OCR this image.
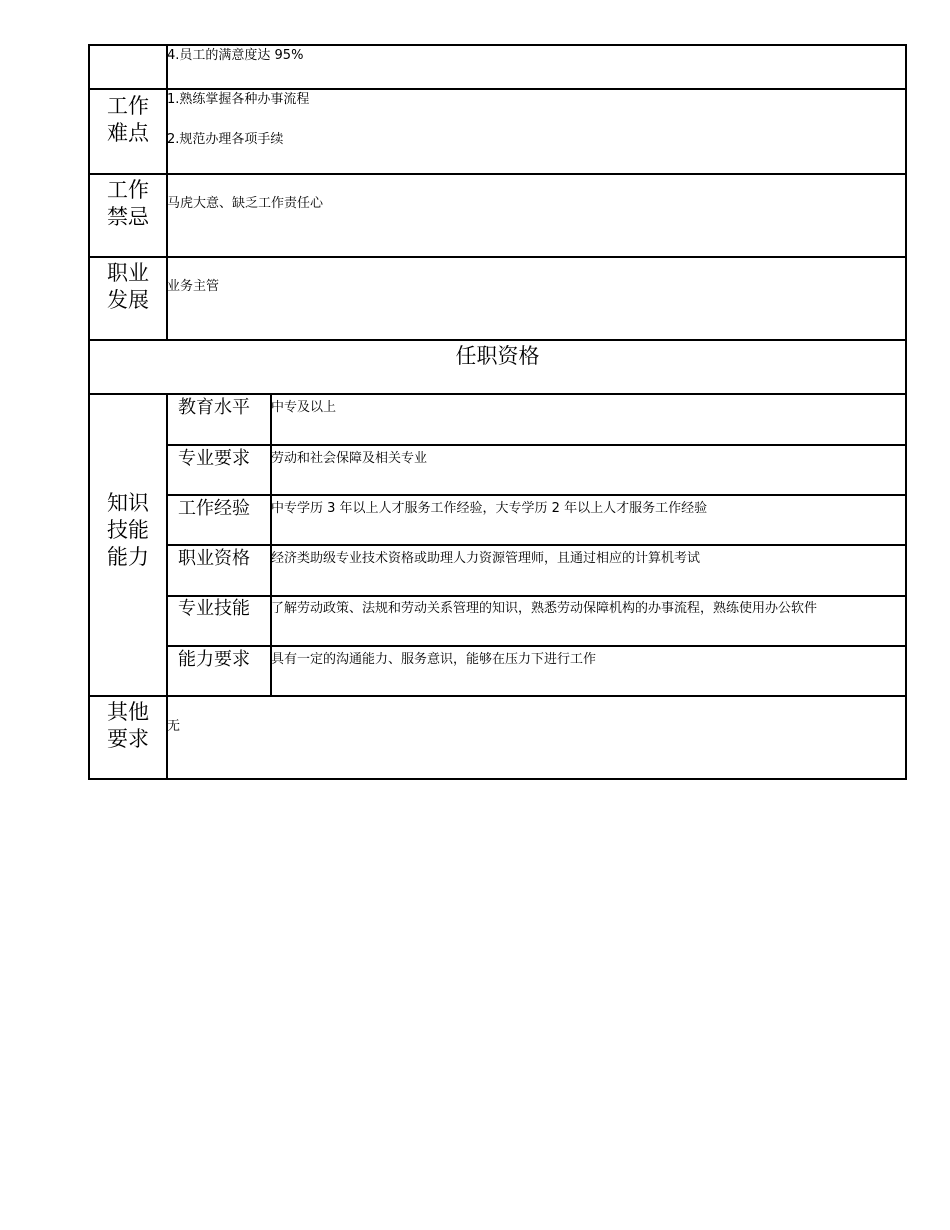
4.员工的满意度达 95%
工作
难点
1.熟练掌握各种办事流程
2.规范办理各项手续
工作
禁忌
马虎大意、缺乏工作责任心
职业
发展
业务主管
任职资格
知识
技能
能力
教育水平 中专及以上
专业要求 劳动和社会保障及相关专业
工作经验 中专学历 3 年以上人才服务工作经验，大专学历 2 年以上人才服务工作经验
职业资格 经济类助级专业技术资格或助理人力资源管理师，且通过相应的计算机考试
专业技能 了解劳动政策、法规和劳动关系管理的知识，熟悉劳动保障机构的办事流程，熟练使用办公软件
能力要求 具有一定的沟通能力、服务意识，能够在压力下进行工作
其他
要求
无
